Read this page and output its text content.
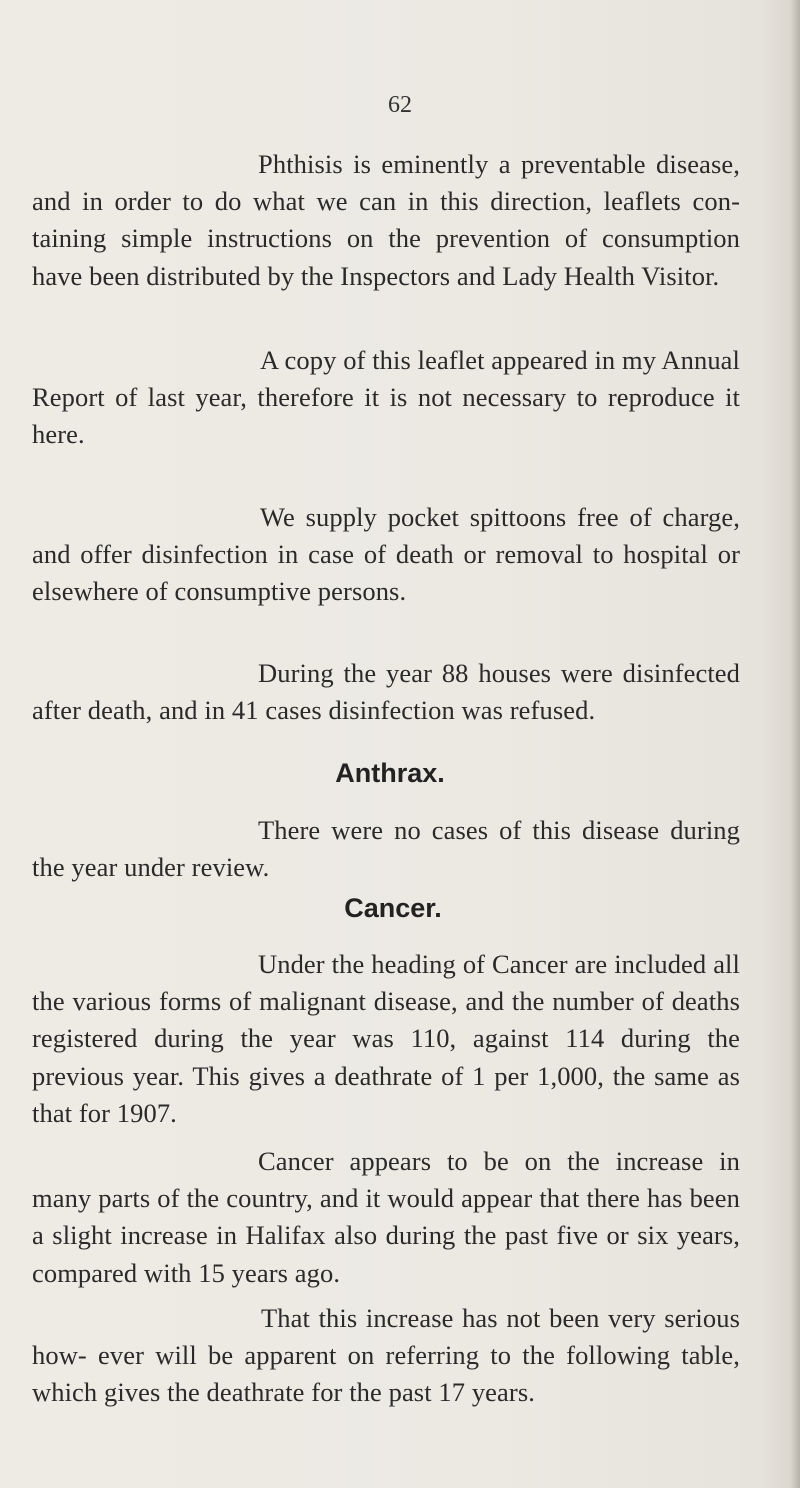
62

Phthisis is eminently a preventable disease, and in order to do what we can in this direction, leaflets con- taining simple instructions on the prevention of consumption have been distributed by the Inspectors and Lady Health Visitor.

A copy of this leaflet appeared in my Annual Report of last year, therefore it is not necessary to reproduce it here.

We supply pocket spittoons free of charge, and offer disinfection in case of death or removal to hospital or elsewhere of consumptive persons.

During the year 88 houses were disinfected after death, and in 41 cases disinfection was refused.

Anthrax.

There were no cases of this disease during the year under review.

Cancer.

Under the heading of Cancer are included all the various forms of malignant disease, and the number of deaths registered during the year was 110, against 114 during the previous year. This gives a deathrate of 1 per 1,000, the same as that for 1907.

Cancer appears to be on the increase in many parts of the country, and it would appear that there has been a slight increase in Halifax also during the past five or six years, compared with 15 years ago.

That this increase has not been very serious how- ever will be apparent on referring to the following table, which gives the deathrate for the past 17 years.
